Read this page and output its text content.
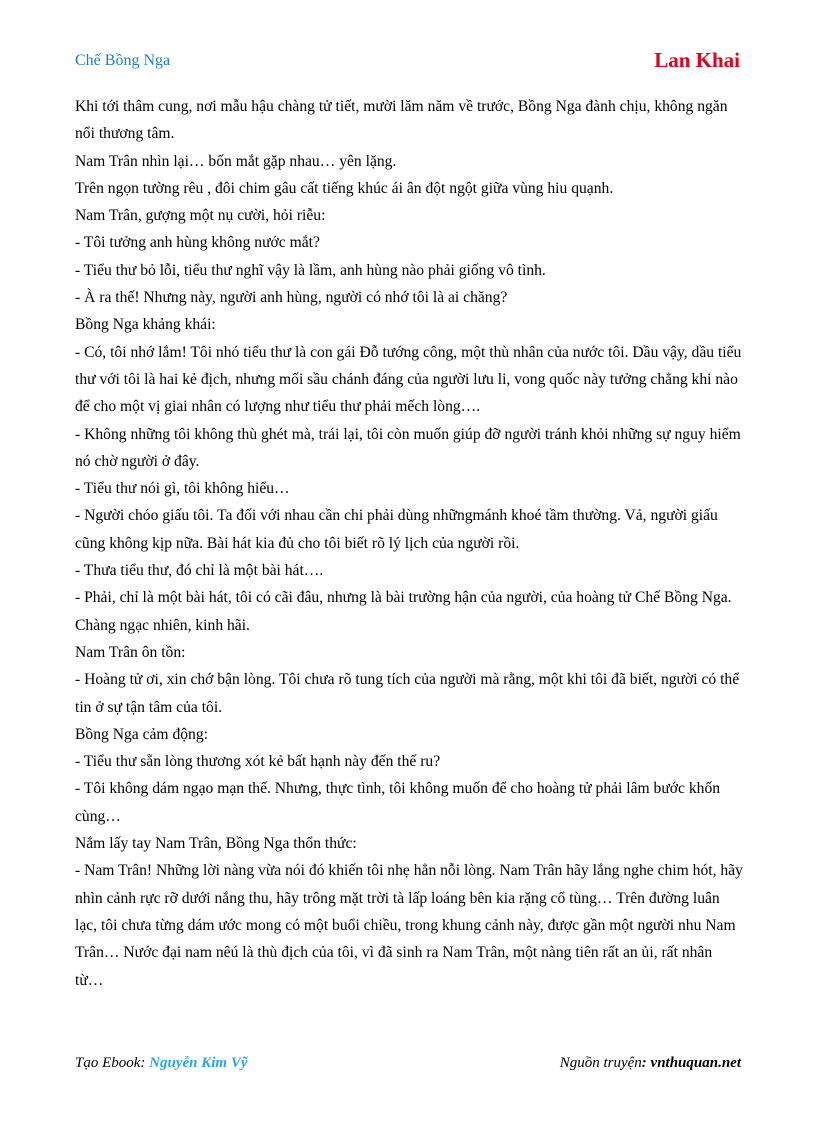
Chế Bồng Nga	Lan Khai

Khi tới thâm cung, nơi mẫu hậu chàng tử tiết, mười lăm năm về trước, Bồng Nga đành chịu, không ngăn nổi thương tâm.

Nam Trân nhìn lại… bốn mắt gặp nhau… yên lặng.

Trên ngọn tường rêu , đôi chim gâu cất tiếng khúc ái ân đột ngột giữa vùng hiu quạnh.

Nam Trân, gượng một nụ cười, hỏi riễu:

- Tôi tưởng anh hùng không nước mắt?

- Tiểu thư bỏ lỗi, tiểu thư nghĩ vậy là lầm, anh hùng nào phải giống vô tình.

- À ra thế! Nhưng này, người anh hùng, người có nhớ tôi là ai chăng?

Bồng Nga khảng khái:

- Có, tôi nhớ lắm! Tôi nhó tiểu thư là con gái Đỗ tướng công, một thù nhân của nước tôi. Dầu vậy, dầu tiểu thư với tôi là hai kẻ địch, nhưng mối sầu chánh đáng của người lưu li, vong quốc này tưởng chẳng khi nào để cho một vị giai nhân có lượng như tiểu thư phải mếch lòng….

- Không những tôi không thù ghét mà, trái lại, tôi còn muốn giúp đỡ người tránh khỏi những sự nguy hiểm nó chờ người ở đây.

- Tiểu thư nói gì, tôi không hiểu…

- Người chóo giấu tôi. Ta đối với nhau cần chi phải dùng nhữngmánh khoé tầm thường. Vả, người giấu cũng không kịp nữa. Bài hát kia đủ cho tôi biết rõ lý lịch của người rồi.

- Thưa tiểu thư, đó chỉ là một bài hát….

- Phải, chỉ là một bài hát, tôi có cãi đâu, nhưng là bài trường hận của người, của hoàng tử Chế Bồng Nga.

Chàng ngạc nhiên, kinh hãi.

Nam Trân ôn tồn:

- Hoàng tử ơi, xin chớ bận lòng. Tôi chưa rõ tung tích của người mà rằng, một khi tôi đã biết, người có thể tin ở sự tận tâm của tôi.

Bồng Nga cảm động:

- Tiểu thư sẵn lòng thương xót kẻ bất hạnh này đến thế ru?

- Tôi không dám ngạo mạn thế. Nhưng, thực tình, tôi không muốn để cho hoàng tử phải lâm bước khốn cùng…

Nắm lấy tay Nam Trân, Bồng Nga thổn thức:

- Nam Trân! Những lời nàng vừa nói đó khiến tôi nhẹ hẳn nỗi lòng. Nam Trân hãy lắng nghe chim hót, hãy nhìn cảnh rực rỡ dưới nắng thu, hãy trông mặt trời tà lấp loáng bên kia rặng cổ tùng… Trên đường luân lạc, tôi chưa từng dám ước mong có một buổi chiều, trong khung cảnh này, được gần một người nhu Nam Trân… Nước đại nam nêú là thù địch của tôi, vì đã sinh ra Nam Trân, một nàng tiên rất an ủi, rất nhân từ…

Tạo Ebook: Nguyễn Kim Vỹ	Nguồn truyện: vnthuquan.net
